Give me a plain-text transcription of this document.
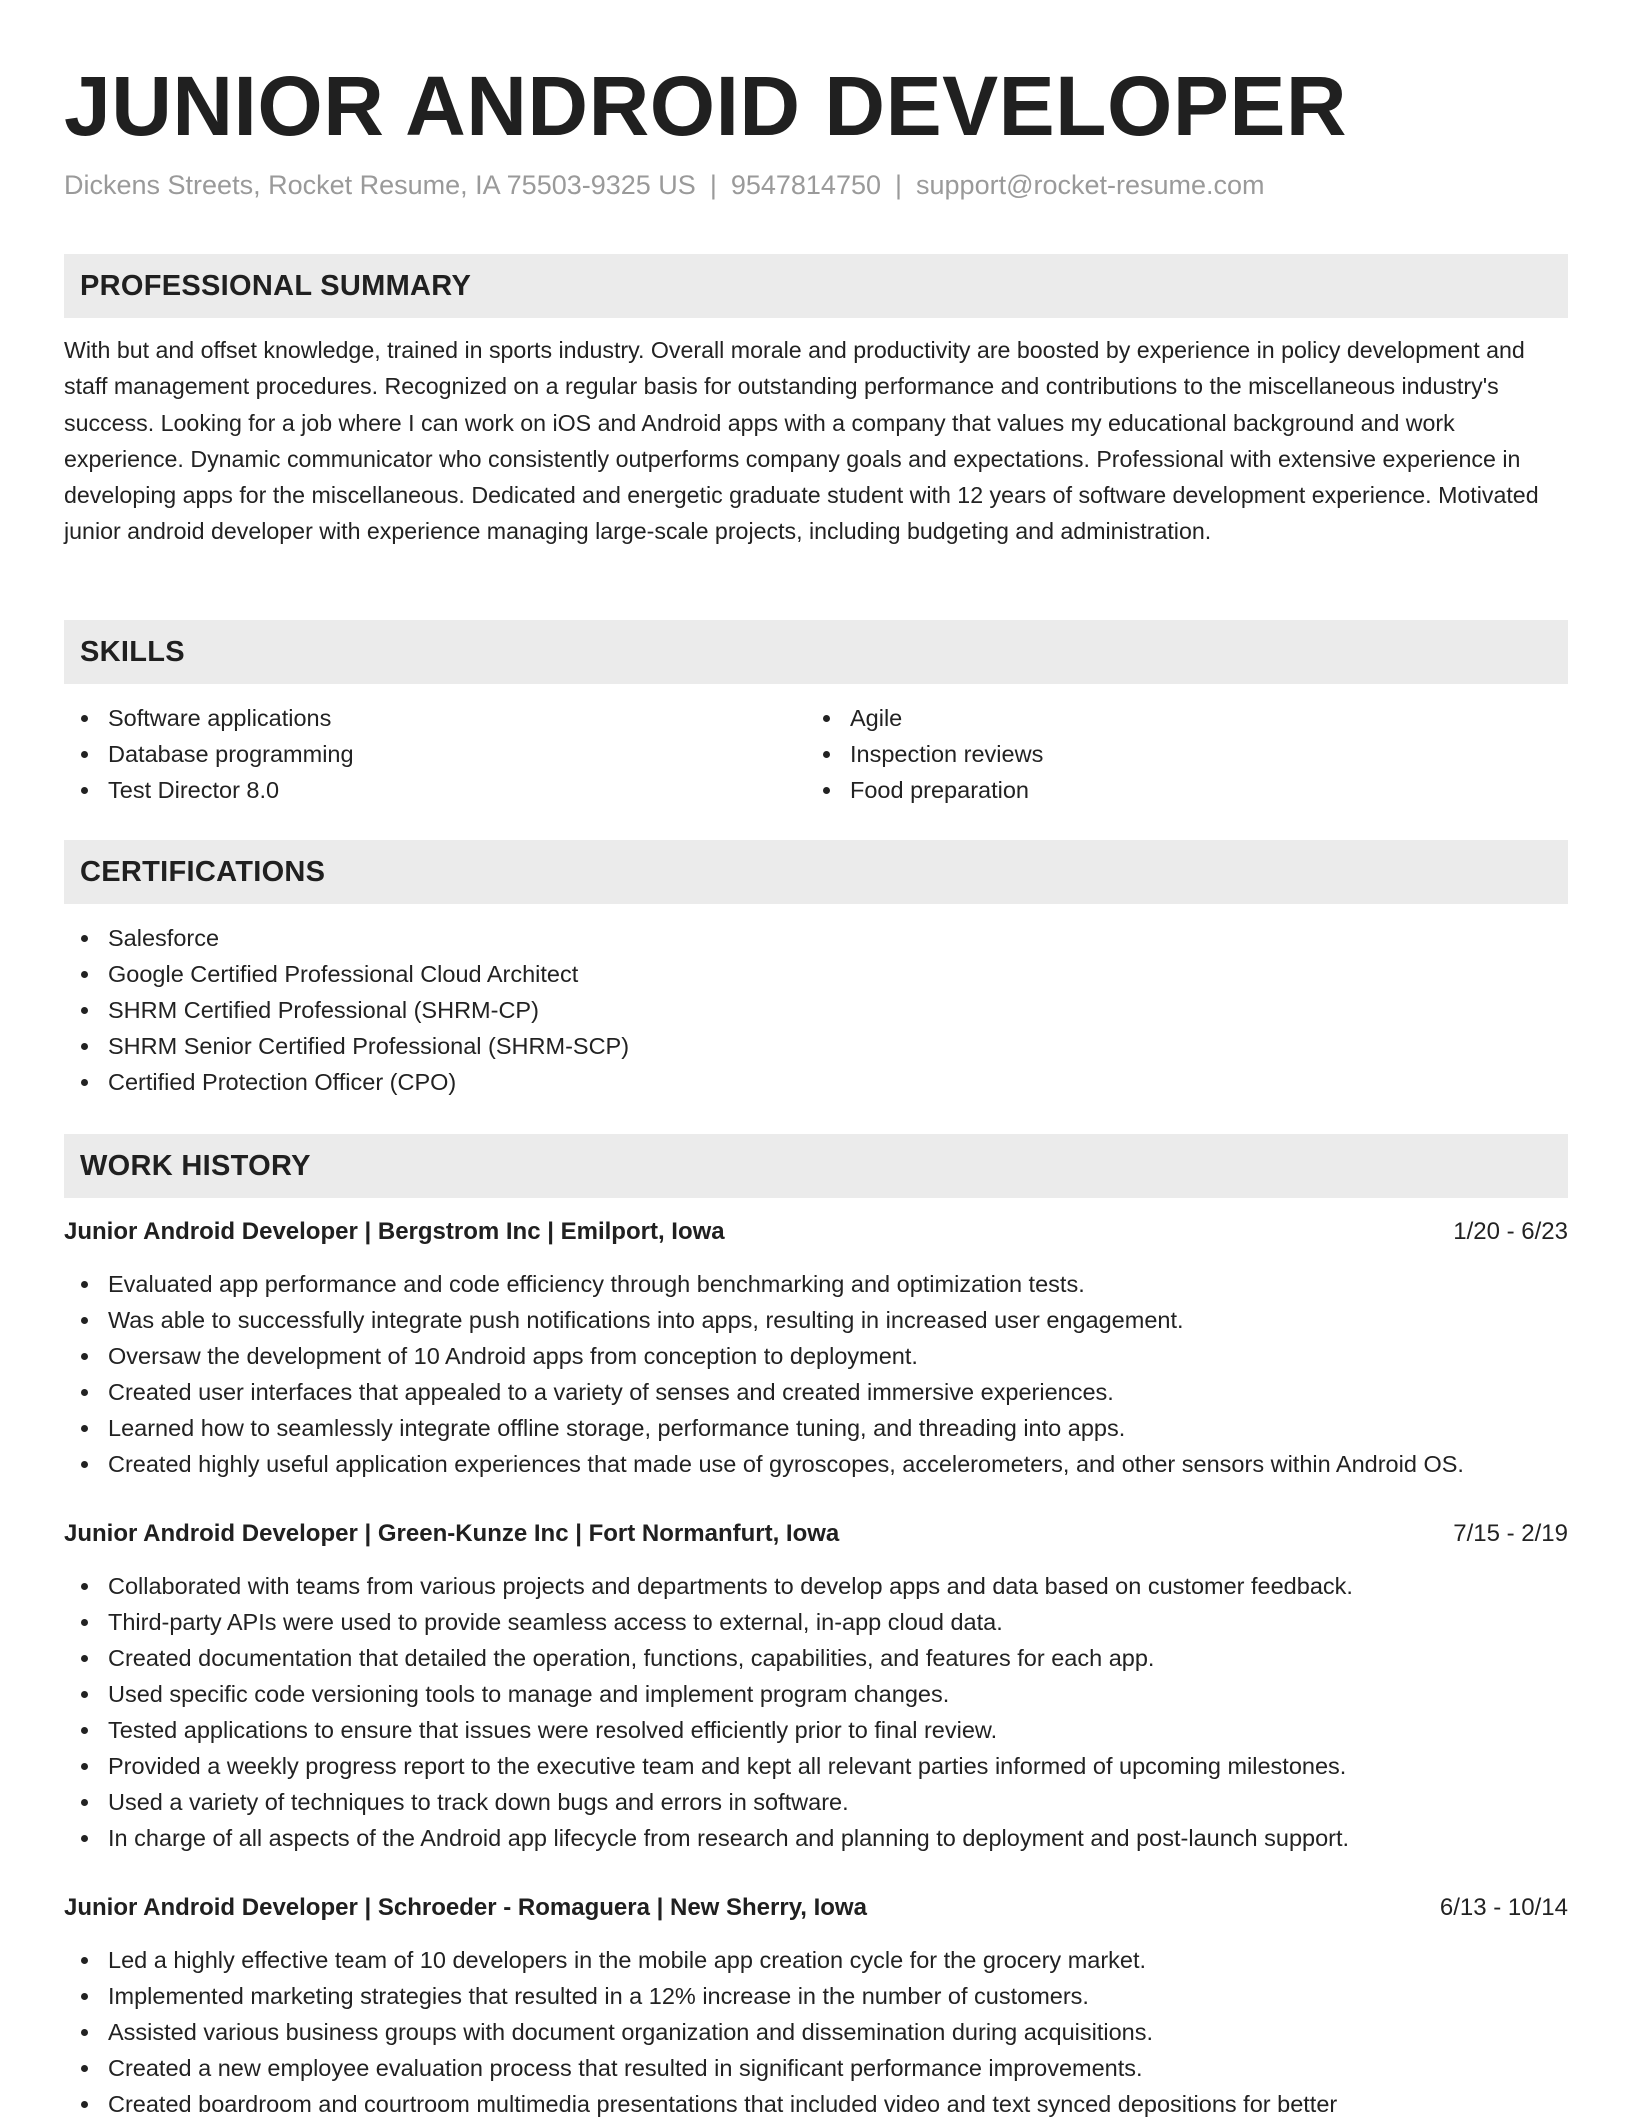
JUNIOR ANDROID DEVELOPER
Dickens Streets, Rocket Resume, IA 75503-9325 US | 9547814750 | support@rocket-resume.com
PROFESSIONAL SUMMARY

With but and offset knowledge, trained in sports industry. Overall morale and productivity are boosted by experience in policy development and staff management procedures. Recognized on a regular basis for outstanding performance and contributions to the miscellaneous industry's success. Looking for a job where I can work on iOS and Android apps with a company that values my educational background and work experience. Dynamic communicator who consistently outperforms company goals and expectations. Professional with extensive experience in developing apps for the miscellaneous. Dedicated and energetic graduate student with 12 years of software development experience. Motivated junior android developer with experience managing large-scale projects, including budgeting and administration.

SKILLS
Software applications
Database programming
Test Director 8.0
Agile
Inspection reviews
Food preparation
CERTIFICATIONS
Salesforce
Google Certified Professional Cloud Architect
SHRM Certified Professional (SHRM-CP)
SHRM Senior Certified Professional (SHRM-SCP)
Certified Protection Officer (CPO)
WORK HISTORY
Junior Android Developer | Bergstrom Inc | Emilport, Iowa	1/20 - 6/23
Evaluated app performance and code efficiency through benchmarking and optimization tests.
Was able to successfully integrate push notifications into apps, resulting in increased user engagement.
Oversaw the development of 10 Android apps from conception to deployment.
Created user interfaces that appealed to a variety of senses and created immersive experiences.
Learned how to seamlessly integrate offline storage, performance tuning, and threading into apps.
Created highly useful application experiences that made use of gyroscopes, accelerometers, and other sensors within Android OS.
Junior Android Developer | Green-Kunze Inc | Fort Normanfurt, Iowa	7/15 - 2/19
Collaborated with teams from various projects and departments to develop apps and data based on customer feedback.
Third-party APIs were used to provide seamless access to external, in-app cloud data.
Created documentation that detailed the operation, functions, capabilities, and features for each app.
Used specific code versioning tools to manage and implement program changes.
Tested applications to ensure that issues were resolved efficiently prior to final review.
Provided a weekly progress report to the executive team and kept all relevant parties informed of upcoming milestones.
Used a variety of techniques to track down bugs and errors in software.
In charge of all aspects of the Android app lifecycle from research and planning to deployment and post-launch support.
Junior Android Developer | Schroeder - Romaguera | New Sherry, Iowa	6/13 - 10/14
Led a highly effective team of 10 developers in the mobile app creation cycle for the grocery market.
Implemented marketing strategies that resulted in a 12% increase in the number of customers.
Assisted various business groups with document organization and dissemination during acquisitions.
Created a new employee evaluation process that resulted in significant performance improvements.
Created boardroom and courtroom multimedia presentations that included video and text synced depositions for better
